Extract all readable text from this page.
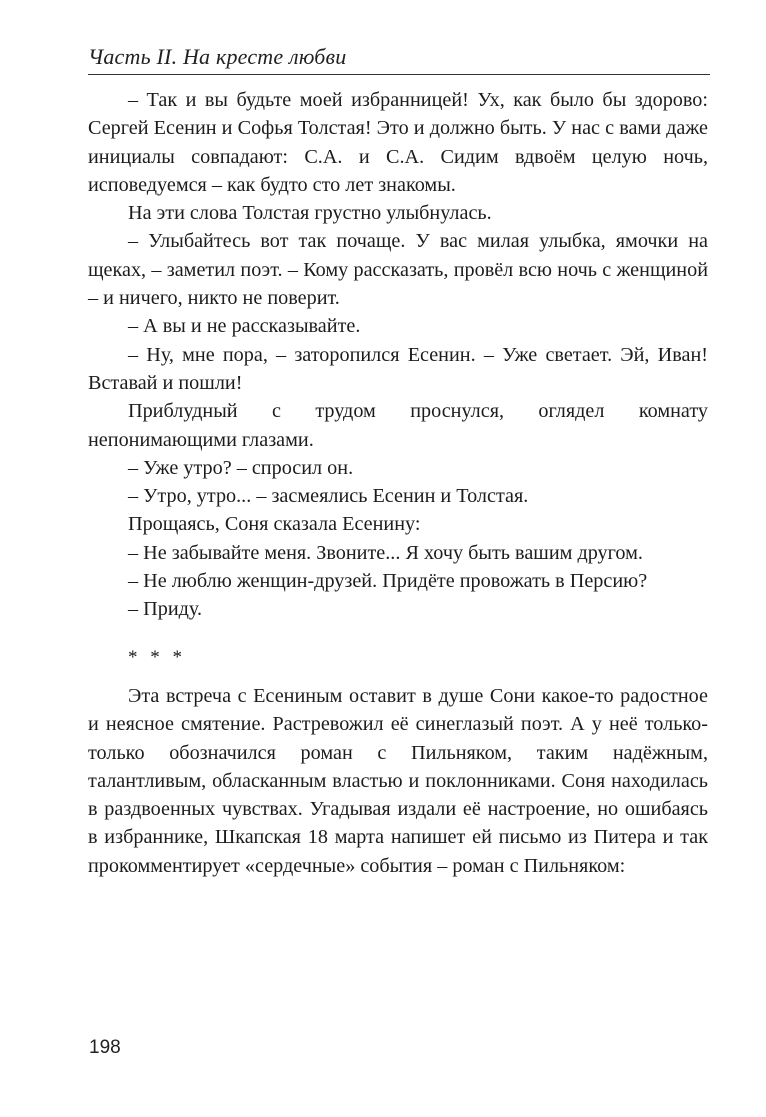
Часть II. На кресте любви

– Так и вы будьте моей избранницей! Ух, как было бы здорово: Сергей Есенин и Софья Толстая! Это и должно быть. У нас с вами даже инициалы совпадают: С.А. и С.А. Сидим вдвоём целую ночь, исповедуемся – как будто сто лет знакомы.

На эти слова Толстая грустно улыбнулась.

– Улыбайтесь вот так почаще. У вас милая улыбка, ямочки на щеках, – заметил поэт. – Кому рассказать, провёл всю ночь с женщиной – и ничего, никто не поверит.

– А вы и не рассказывайте.

– Ну, мне пора, – заторопился Есенин. – Уже светает. Эй, Иван! Вставай и пошли!

Приблудный с трудом проснулся, оглядел комнату непонимающими глазами.

– Уже утро? – спросил он.

– Утро, утро... – засмеялись Есенин и Толстая.

Прощаясь, Соня сказала Есенину:

– Не забывайте меня. Звоните... Я хочу быть вашим другом.

– Не люблю женщин-друзей. Придёте провожать в Персию?

– Приду.

* * *

Эта встреча с Есениным оставит в душе Сони какое-то радостное и неясное смятение. Растревожил её синеглазый поэт. А у неё только-только обозначился роман с Пильняком, таким надёжным, талантливым, обласканным властью и поклонниками. Соня находилась в раздвоенных чувствах. Угадывая издали её настроение, но ошибаясь в избраннике, Шкапская 18 марта напишет ей письмо из Питера и так прокомментирует «сердечные» события – роман с Пильняком:

198
